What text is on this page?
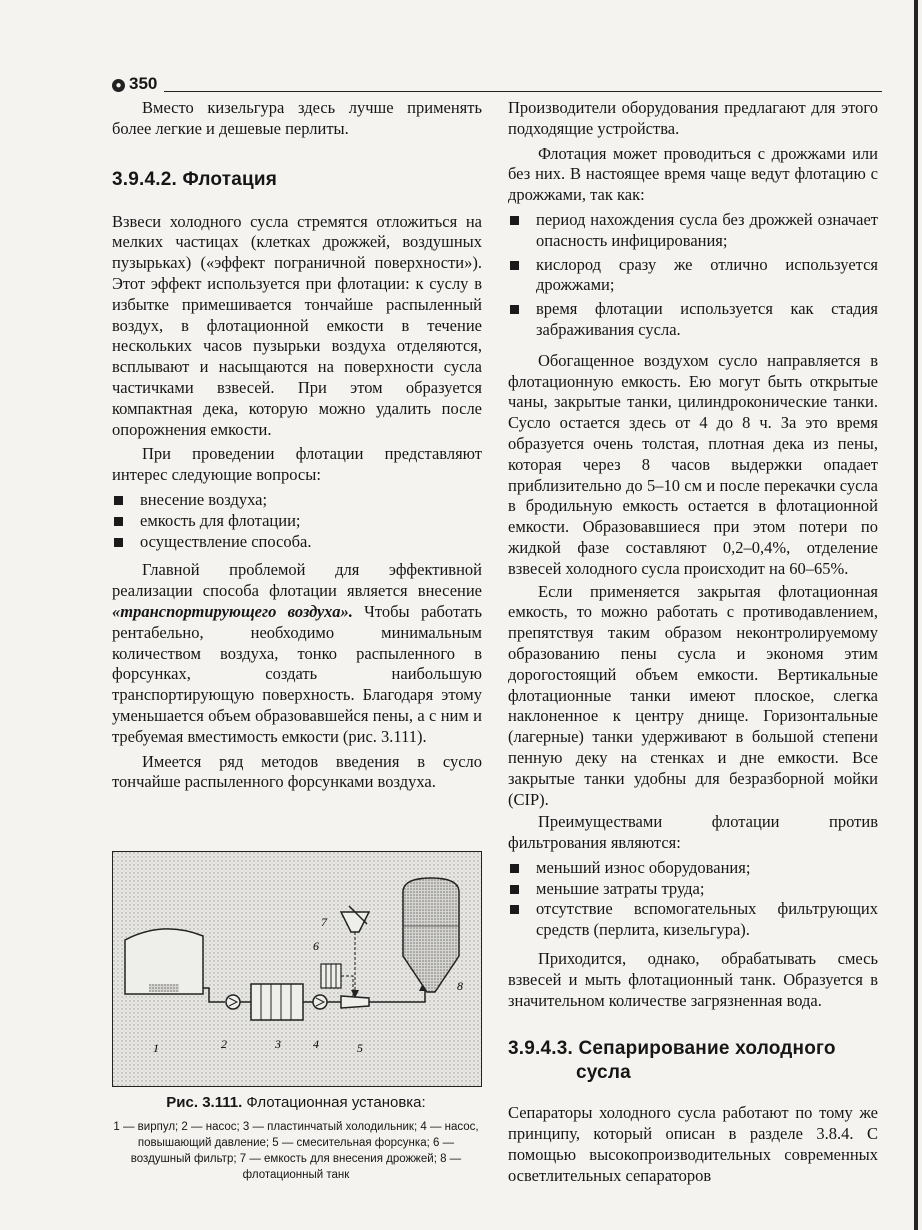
● 350

Вместо кизельгура здесь лучше применять более легкие и дешевые перлиты.

3.9.4.2. Флотация

Взвеси холодного сусла стремятся отложиться на мелких частицах (клетках дрожжей, воздушных пузырьках) («эффект пограничной поверхности»). Этот эффект используется при флотации: к суслу в избытке примешивается тончайше распыленный воздух, в флотационной емкости в течение нескольких часов пузырьки воздуха отделяются, всплывают и насыщаются на поверхности сусла частичками взвесей. При этом образуется компактная дека, которую можно удалить после опорожнения емкости.

При проведении флотации представляют интерес следующие вопросы:

внесение воздуха;
емкость для флотации;
осуществление способа.

Главной проблемой для эффективной реализации способа флотации является внесение «транспортирующего воздуха». Чтобы работать рентабельно, необходимо минимальным количеством воздуха, тонко распыленного в форсунках, создать наибольшую транспортирующую поверхность. Благодаря этому уменьшается объем образовавшейся пены, а с ним и требуемая вместимость емкости (рис. 3.111).

Имеется ряд методов введения в сусло тончайше распыленного форсунками воздуха.

1	2	3	4	5
6
7
8
Рис. 3.111. Флотационная установка:
1 — вирпул; 2 — насос; 3 — пластинчатый холодильник; 4 — насос, повышающий давление; 5 — смесительная форсунка; 6 — воздушный фильтр; 7 — емкость для внесения дрожжей; 8 — флотационный танк

Производители оборудования предлагают для этого подходящие устройства.

Флотация может проводиться с дрожжами или без них. В настоящее время чаще ведут флотацию с дрожжами, так как:

период нахождения сусла без дрожжей означает опасность инфицирования;
кислород сразу же отлично используется дрожжами;
время флотации используется как стадия забраживания сусла.

Обогащенное воздухом сусло направляется в флотационную емкость. Ею могут быть открытые чаны, закрытые танки, цилиндроконические танки. Сусло остается здесь от 4 до 8 ч. За это время образуется очень толстая, плотная дека из пены, которая через 8 часов выдержки опадает приблизительно до 5–10 см и после перекачки сусла в бродильную емкость остается в флотационной емкости. Образовавшиеся при этом потери по жидкой фазе составляют 0,2–0,4%, отделение взвесей холодного сусла происходит на 60–65%.

Если применяется закрытая флотационная емкость, то можно работать с противодавлением, препятствуя таким образом неконтролируемому образованию пены сусла и экономя этим дорогостоящий объем емкости. Вертикальные флотационные танки имеют плоское, слегка наклоненное к центру днище. Горизонтальные (лагерные) танки удерживают в большой степени пенную деку на стенках и дне емкости. Все закрытые танки удобны для безразборной мойки (CIP).

Преимуществами флотации против фильтрования являются:

меньший износ оборудования;
меньшие затраты труда;
отсутствие вспомогательных фильтрующих средств (перлита, кизельгура).

Приходится, однако, обрабатывать смесь взвесей и мыть флотационный танк. Образуется в значительном количестве загрязненная вода.

3.9.4.3. Сепарирование холодного сусла

Сепараторы холодного сусла работают по тому же принципу, который описан в разделе 3.8.4. С помощью высокопроизводительных современных осветлительных сепараторов
